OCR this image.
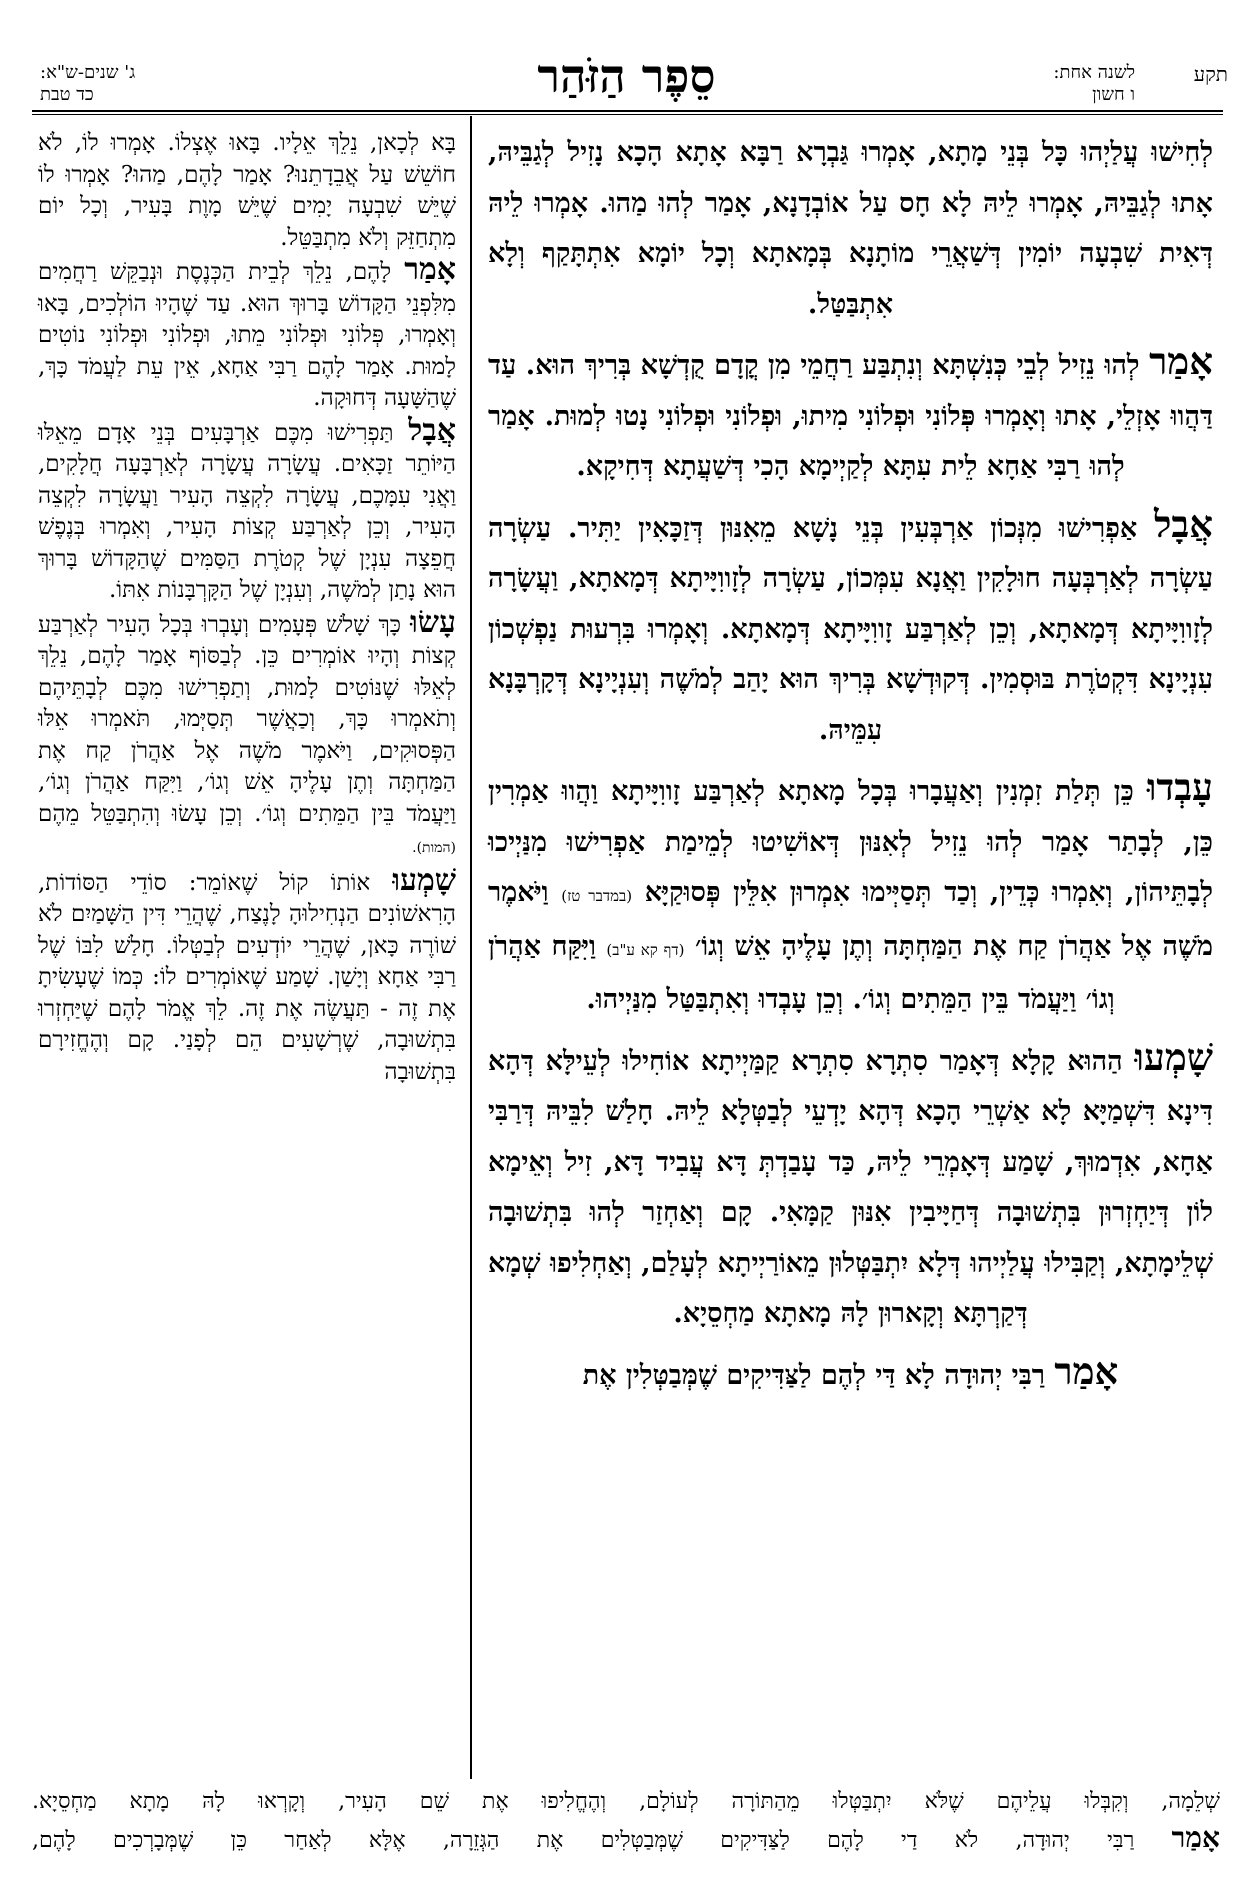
תקע
לשנה אחת:
ו חשון
סֵפֶר הַזֹּהַר
ג' שנים-ש"א:
כד טבת

לְחִישׁוּ עֲלַיְהוּ כָּל בְּנֵי מָתָא, אָמְרוּ גַּבְרָא רַבָּא אָתָא הָכָא נָזִיל לְגַבֵּיהּ, אָתוּ לְגַבֵּיהּ, אָמְרוּ לֵיהּ לָא חָס עַל אוֹבְדָנָא, אָמַר לְהוּ מַהוּ. אָמְרוּ לֵיהּ דְּאִית שִׁבְעָה יוֹמִין דְּשַׁאֲרֵי מוֹתָנָא בְּמָאתָא וְכָל יוֹמָא אִתְתָּקַף וְלָא אִתְבַּטַּל.

אָמַר לְהוּ נֵזִיל לְבֵי כְּנִשְׁתָּא וְנִתְבַּע רַחֲמֵי מִן קֳדָם קֻדְשָׁא בְּרִיךְ הוּא. עַד דַּהֲווּ אָזְלֵי, אָתוּ וְאָמְרוּ פְּלוֹנִי וּפְלוֹנִי מִיתוּ, וּפְלוֹנִי וּפְלוֹנִי נָטוּ לְמוּת. אָמַר לְהוּ רַבִּי אַחָא לֵית עִתָּא לְקַיְימָא הָכִי דְּשַׁעֲתָא דְּחִיקָא.

אֲבָל אַפְרִישׁוּ מִנְּכוֹן אַרְבְּעִין בְּנֵי נָשָׁא מֵאִנּוּן דְּזַכָּאִין יַתִּיר. עַשְׂרָה עַשְׂרָה לְאַרְבְּעָה חוּלָקִין וַאֲנָא עִמְּכוֹן, עַשְׂרָה לְזָווִיָּיתָא דְּמָאתָא, וַעֲשָׂרָה לְזָווִיָּיתָא דְּמָאתָא, וְכֵן לְאַרְבַּע זָווִיָּיתָא דְּמָאתָא. וְאָמְרוּ בִּרְעוּת נַפְשְׁכוֹן עִנְיָינָא דִּקְטֹרֶת בּוּסְמִין. דְּקוּדְשָׁא בְּרִיךְ הוּא יָהַב לְמֹשֶׁה וְעִנְיָינָא דְּקָרְבָּנָא עִמֵּיהּ.

עָבְדוּ כֵּן תְּלַת זִמְנִין וְאַעֲבָרוּ בְּכָל מָאתָא לְאַרְבַּע זָווִיָּיתָא וַהֲווּ אַמְרִין כֵּן, לְבָתַר אָמַר לְהוּ נֵזִיל לְאִנּוּן דְּאוֹשִׁיטוּ לְמֵימַת אַפְרִישׁוּ מִנַּיְיכוּ לְבָתֵּיהוֹן, וְאִמְרוּ כְּדֵין, וְכַד תְּסַיְּימוּ אִמְרוּן אִלֵּין פְּסוּקַיָּא (במדבר טז) וַיֹּאמֶר מֹשֶׁה אֶל אַהֲרֹן קַח אֶת הַמַּחְתָּה וְתֶן עָלֶיהָ אֵשׁ וְגוֹ׳ (דף קא ע"ב) וַיִּקַּח אַהֲרֹן וְגוֹ׳ וַיַּעֲמֹד בֵּין הַמֵּתִים וְגוֹ׳. וְכֵן עָבְדוּ וְאִתְבַּטַּל מִנַּיְיהוּ.

שָׁמְעוּ הַהוּא קָלָא דְּאָמַר סִתְרָא סִתְרָא קַמַּיְיתָא אוֹחִילוּ לְעֵילָּא דְּהָא דִּינָא דִּשְׁמַיָּא לָא אַשְׁרֵי הָכָא דְּהָא יָדְעֵי לְבַטְּלָא לֵיהּ. חָלַשׁ לִבֵּיהּ דְּרַבִּי אַחָא, אִדְמוּךְ, שָׁמַע דְּאָמְרֵי לֵיהּ, כַּד עָבַדְתְּ דָּא עֲבִיד דָּא, זִיל וְאֵימָא לוֹן דְּיַחְזְרוּן בִּתְשׁוּבָה דְּחַיָּיבִין אִנּוּן קַמָּאִי. קָם וְאַחְזַר לְהוּ בִּתְשׁוּבָה שְׁלֵימָתָא, וְקַבִּילוּ עֲלַיְיהוּ דְּלָא יִתְבַּטְּלוּן מֵאוֹרַיְיתָא לְעָלַם, וְאַחְלִיפוּ שְׁמָא דְּקַרְתָּא וְקָארוּן לָהּ מָאתָא מַחְסֵיָא.

אָמַר רַבִּי יְהוּדָה לָא דַּי לְהֶם לַצַּדִּיקִים שֶׁמְּבַטְּלִין אֶת

בָּא לְכָאן, נֵלֵךְ אֵלָיו. בָּאוּ אֶצְלוֹ. אָמְרוּ לוֹ, לֹא חוֹשֵׁשׁ עַל אֲבֵדָתֵנוּ? אָמַר לָהֶם, מַהוּ? אָמְרוּ לוֹ שֶׁיֵּשׁ שִׁבְעָה יָמִים שֶׁיֵּשׁ מָוֶת בָּעִיר, וְכָל יוֹם מִתְחַזֵּק וְלֹא מִתְבַּטֵּל.

אָמַר לָהֶם, נֵלֵךְ לְבֵית הַכְּנֶסֶת וּנְבַקֵּשׁ רַחֲמִים מִלִּפְנֵי הַקָּדוֹשׁ בָּרוּךְ הוּא. עַד שֶׁהָיוּ הוֹלְכִים, בָּאוּ וְאָמְרוּ, פְּלוֹנִי וּפְלוֹנִי מֵתוּ, וּפְלוֹנִי וּפְלוֹנִי נוֹטִים לָמוּת. אָמַר לָהֶם רַבִּי אַחָא, אֵין עֵת לַעֲמֹד כָּךְ, שֶׁהַשָּׁעָה דְּחוּקָה.

אֲבָל תַּפְרִישׁוּ מִכֶּם אַרְבָּעִים בְּנֵי אָדָם מֵאֵלּוּ הַיּוֹתֵר זַכָּאִים. עֲשָׂרָה עֲשָׂרָה לְאַרְבָּעָה חֲלָקִים, וַאֲנִי עִמָּכֶם, עֲשָׂרָה לִקְצֵה הָעִיר וַעֲשָׂרָה לִקְצֵה הָעִיר, וְכֵן לְאַרְבַּע קְצוֹת הָעִיר, וְאִמְרוּ בְּנֶפֶשׁ חֲפֵצָה עִנְיָן שֶׁל קְטֹרֶת הַסַּמִּים שֶׁהַקָּדוֹשׁ בָּרוּךְ הוּא נָתַן לְמֹשֶׁה, וְעִנְיָן שֶׁל הַקָּרְבָּנוֹת אִתּוֹ.

עָשׂוּ כָּךְ שָׁלֹשׁ פְּעָמִים וְעָבְרוּ בְּכָל הָעִיר לְאַרְבַּע קְצוֹת וְהָיוּ אוֹמְרִים כֵּן. לְבַסּוֹף אָמַר לָהֶם, נֵלֵךְ לְאֵלּוּ שֶׁנּוֹטִים לָמוּת, וְתַפְרִישׁוּ מִכֶּם לְבָתֵּיהֶם וְתֹאמְרוּ כָּךְ, וְכַאֲשֶׁר תְּסַיְּמוּ, תֹּאמְרוּ אֵלּוּ הַפְּסוּקִים, וַיֹּאמֶר מֹשֶׁה אֶל אַהֲרֹן קַח אֶת הַמַּחְתָּה וְתֶן עָלֶיהָ אֵשׁ וְגוֹ׳, וַיִּקַּח אַהֲרֹן וְגוֹ׳, וַיַּעֲמֹד בֵּין הַמֵּתִים וְגוֹ׳. וְכֵן עָשׂוּ וְהִתְבַּטֵּל מֵהֶם (המות).

שָׁמְעוּ אוֹתוֹ קוֹל שֶׁאוֹמֵר: סוֹדֵי הַסּוֹדוֹת, הָרִאשׁוֹנִים הַנְחִילוּהָ לָנֶצַח, שֶׁהֲרֵי דִּין הַשָּׁמַיִם לֹא שׁוֹרֶה כָּאן, שֶׁהֲרֵי יוֹדְעִים לְבַטְּלוֹ. חָלַשׁ לִבּוֹ שֶׁל רַבִּי אַחָא וְיָשַׁן. שָׁמַע שֶׁאוֹמְרִים לוֹ: כְּמוֹ שֶׁעָשִׂיתָ אֶת זֶה - תַּעֲשֶׂה אֶת זֶה. לֵךְ אֱמֹר לָהֶם שֶׁיַּחְזְרוּ בִּתְשׁוּבָה, שֶׁרְשָׁעִים הֵם לְפָנַי. קָם וְהֶחֱזִירָם בִּתְשׁוּבָה

שְׁלֵמָה, וְקִבְּלוּ עֲלֵיהֶם שֶׁלֹּא יִתְבַּטְּלוּ מֵהַתּוֹרָה לְעוֹלָם, וְהֶחֱלִיפוּ אֶת שֵׁם הָעִיר, וְקָרְאוּ לָהּ מָתָא מַחְסֵיָא.

אָמַר רַבִּי יְהוּדָה, לֹא דַי לָהֶם לַצַּדִּיקִים שֶׁמְּבַטְּלִים אֶת הַגְּזֵרָה, אֶלָּא לְאַחַר כֵּן שֶׁמְּבָרְכִים לָהֶם,
